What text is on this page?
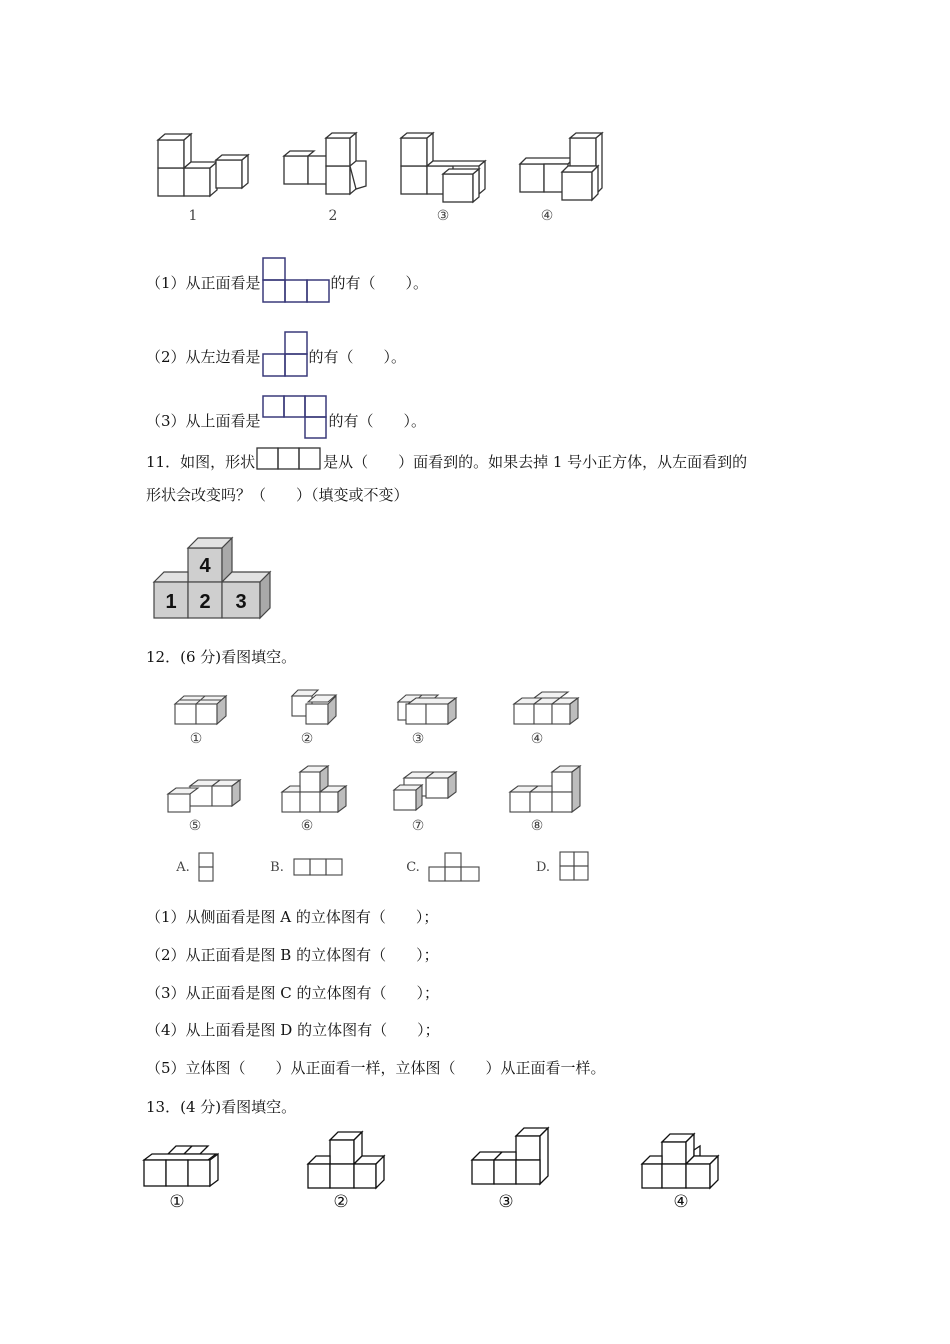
1	2	③	④
（1）从正面看是	的有（　　）。
（2）从左边看是	的有（　　）。
（3）从上面看是	的有（　　）。
11．如图，形状	是从（　　）面看到的。如果去掉 1 号小正方体，从左面看到的
形状会改变吗？（　　）（填变或不变）
4
1 2 3
12．(6 分)看图填空。
①	②	③	④
⑤	⑥	⑦	⑧
A.	B.	C.	D.
（1）从侧面看是图 A 的立体图有（　　）；
（2）从正面看是图 B 的立体图有（　　）；
（3）从正面看是图 C 的立体图有（　　）；
（4）从上面看是图 D 的立体图有（　　）；
（5）立体图（　　）从正面看一样，立体图（　　）从正面看一样。
13．(4 分)看图填空。
①	②	③	④
